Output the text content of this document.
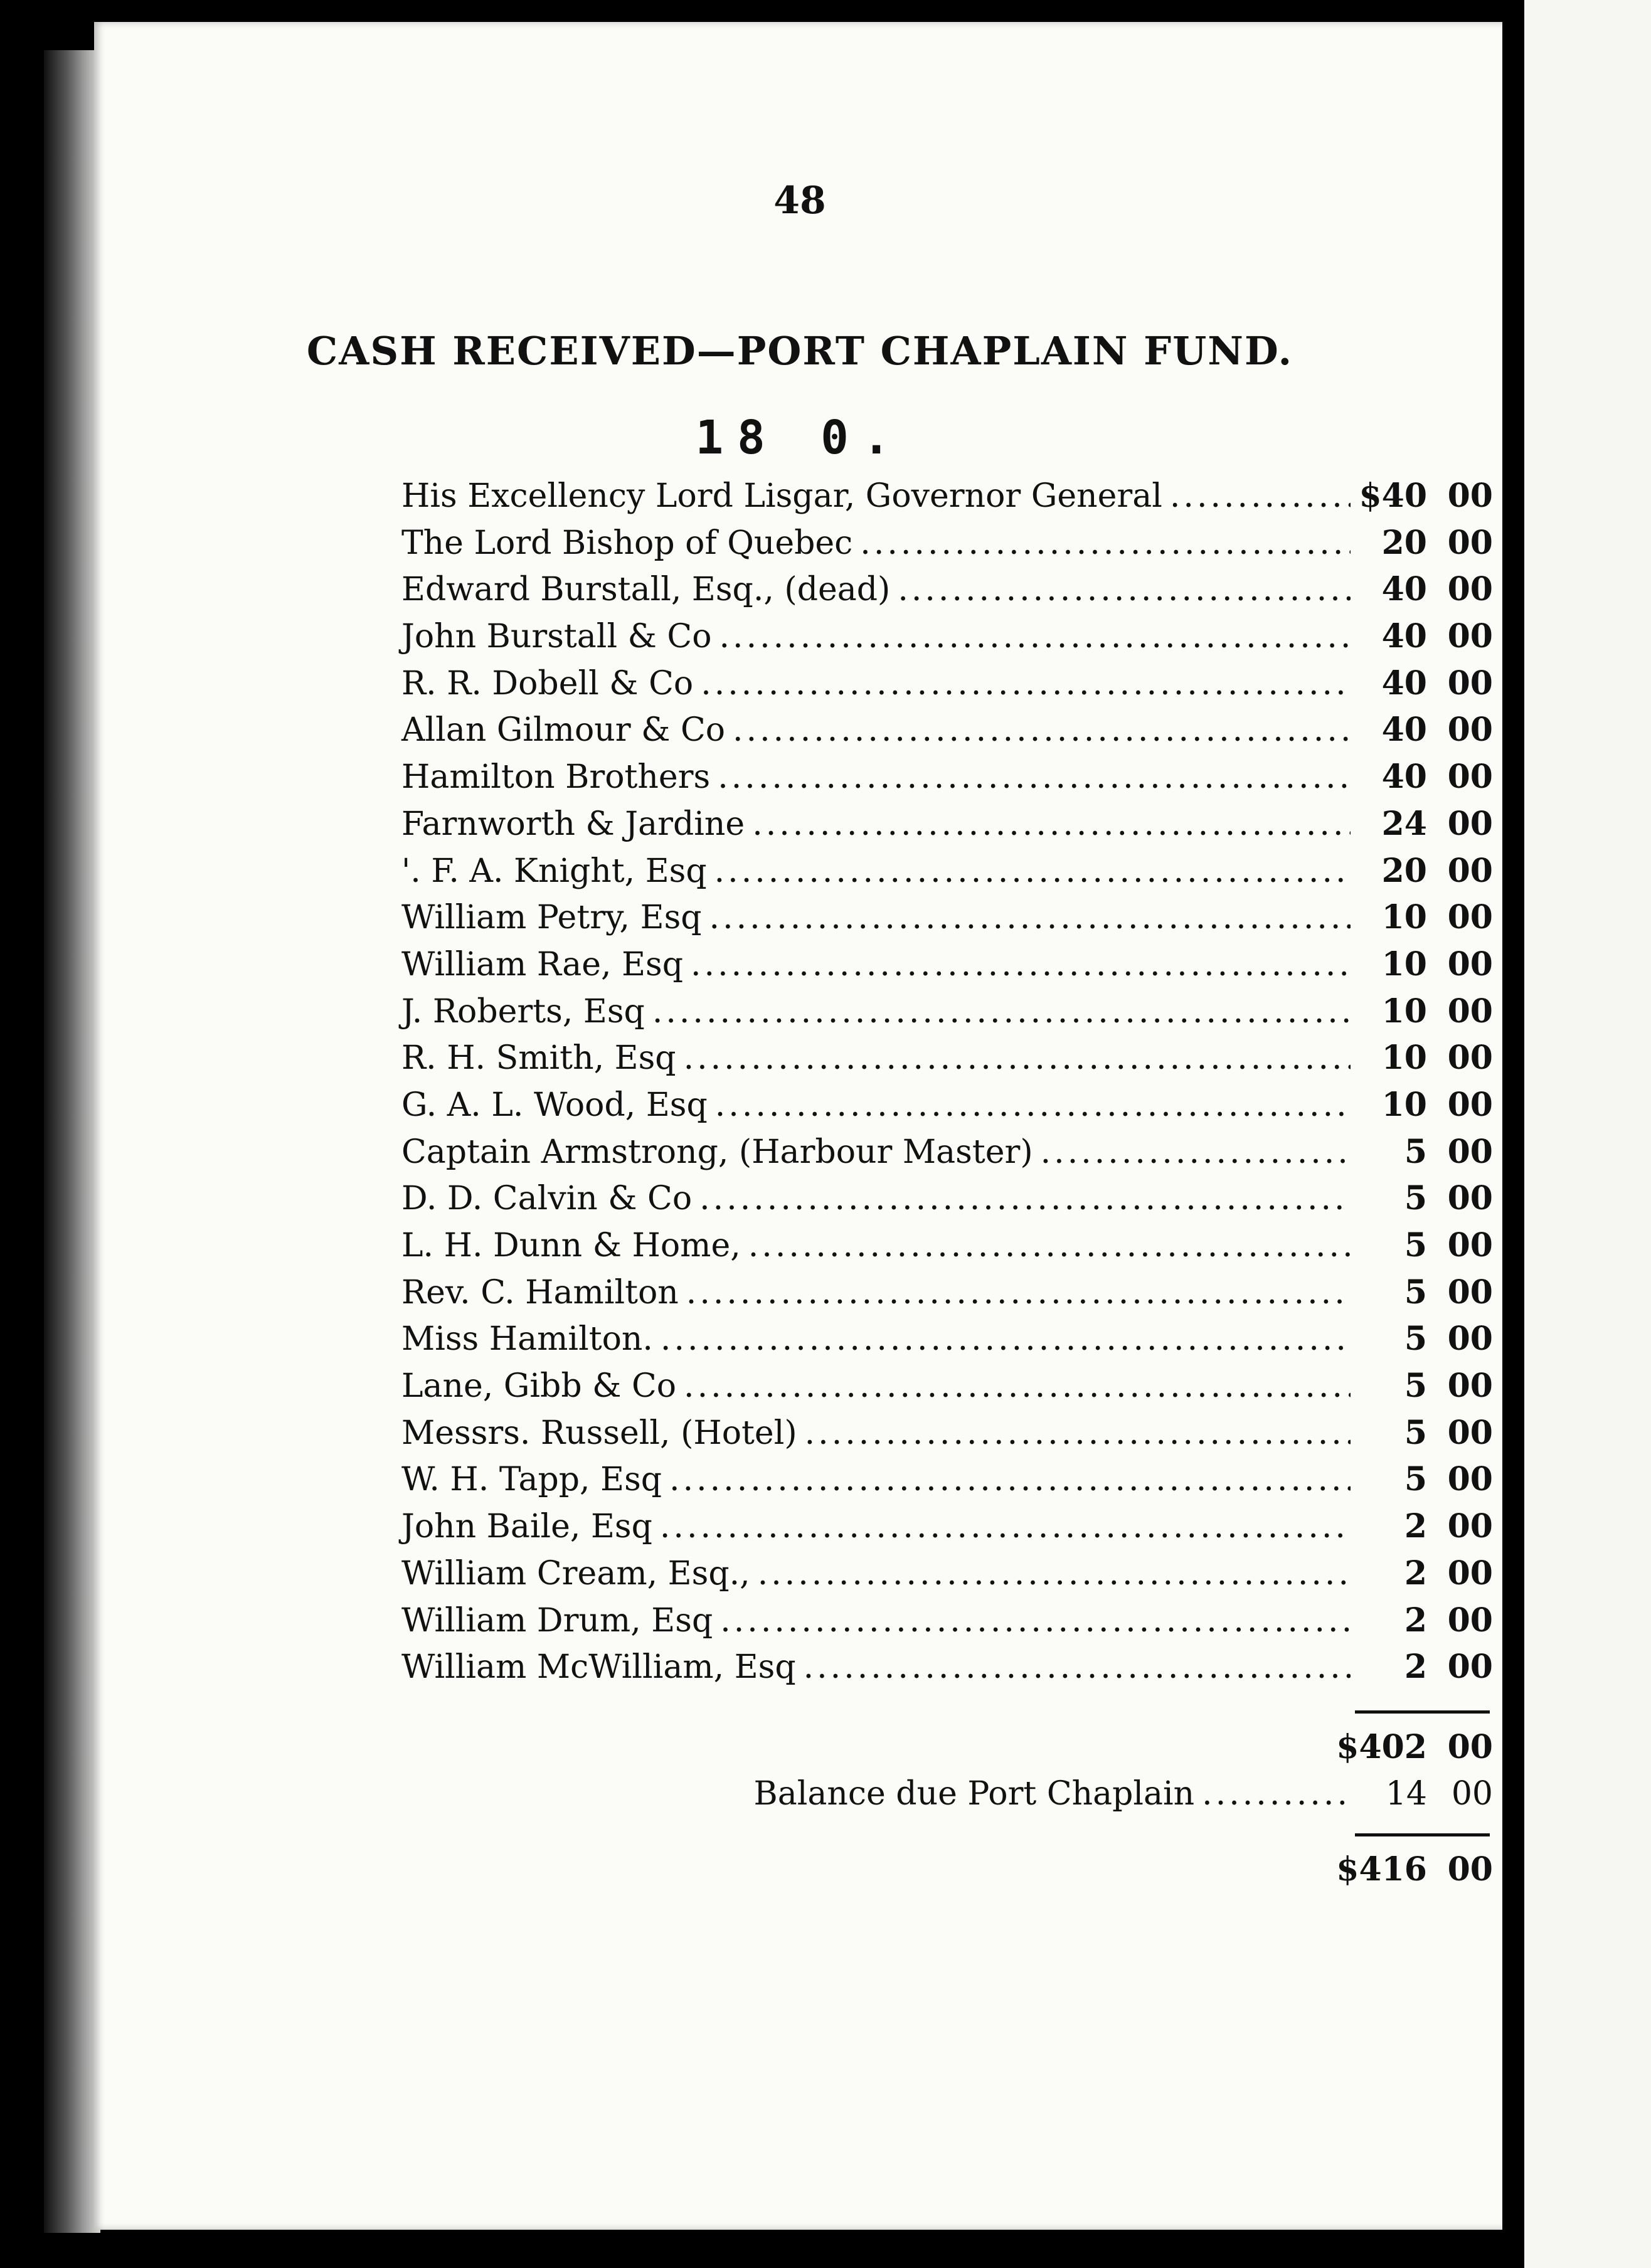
48
CASH RECEIVED—PORT CHAPLAIN FUND.
18 0.
His Excellency Lord Lisgar, Governor General .....	$40 00
The Lord Bishop of Quebec .....	20 00
Edward Burstall, Esq., (dead) .....	40 00
John Burstall & Co .....	40 00
R. R. Dobell & Co .....	40 00
Allan Gilmour & Co .....	40 00
Hamilton Brothers .....	40 00
Farnworth & Jardine .....	24 00
'. F. A. Knight, Esq .....	20 00
William Petry, Esq .....	10 00
William Rae, Esq .....	10 00
J. Roberts, Esq .....	10 00
R. H. Smith, Esq .....	10 00
G. A. L. Wood, Esq .....	10 00
Captain Armstrong, (Harbour Master) .....	5 00
D. D. Calvin & Co .....	5 00
L. H. Dunn & Home, .....	5 00
Rev. C. Hamilton .....	5 00
Miss Hamilton. .....	5 00
Lane, Gibb & Co .....	5 00
Messrs. Russell, (Hotel) .....	5 00
W. H. Tapp, Esq .....	5 00
John Baile, Esq .....	2 00
William Cream, Esq., .....	2 00
William Drum, Esq .....	2 00
William McWilliam, Esq .....	2 00
$402 00
Balance due Port Chaplain ...........	14 00
$416 00
